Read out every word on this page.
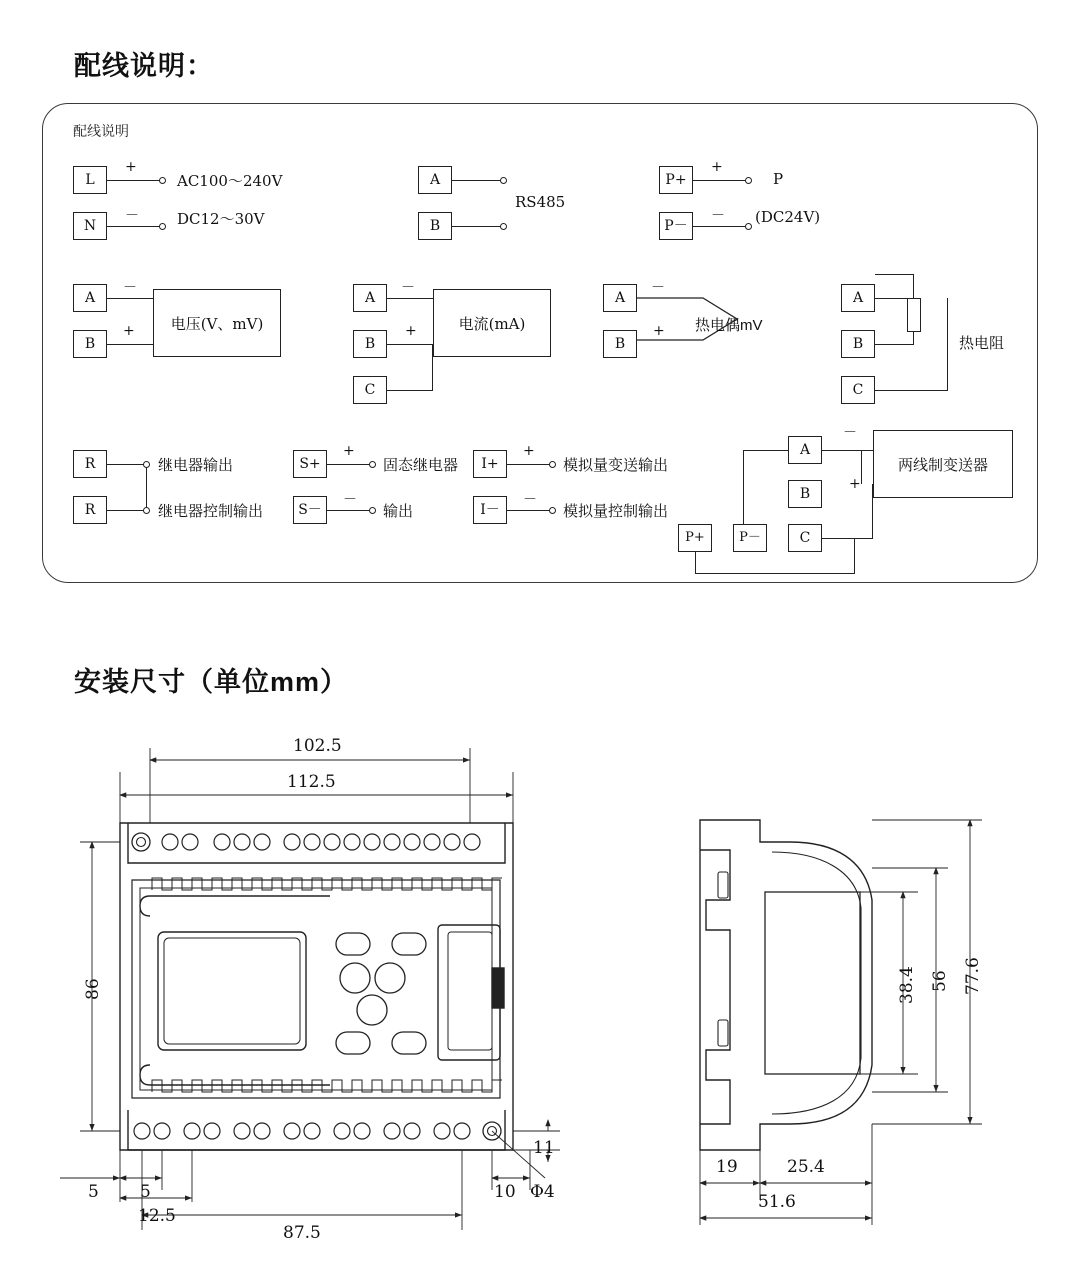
配线说明：
配线说明
L
N
+
－
AC100～240V
DC12～30V
A
B
RS485
P+
P－
+
－
P
(DC24V)
A
B
电压(V、mV)
－
+
A
B
C
电流(mA)
－
+
A
B
－
+ 热电偶mV
A
B
C
热电阻
R
R
继电器输出
继电器控制输出
S+
S－
+
－
固态继电器
输出
I+
I－
+
－
模拟量变送输出
模拟量控制输出
A
B
C
P+	P－
两线制变送器
－
+
安装尺寸（单位mm）
102.5
112.5
86
87.5
5 5
12.5
10
11
Φ4
77.6
56
38.4
19	25.4
51.6
